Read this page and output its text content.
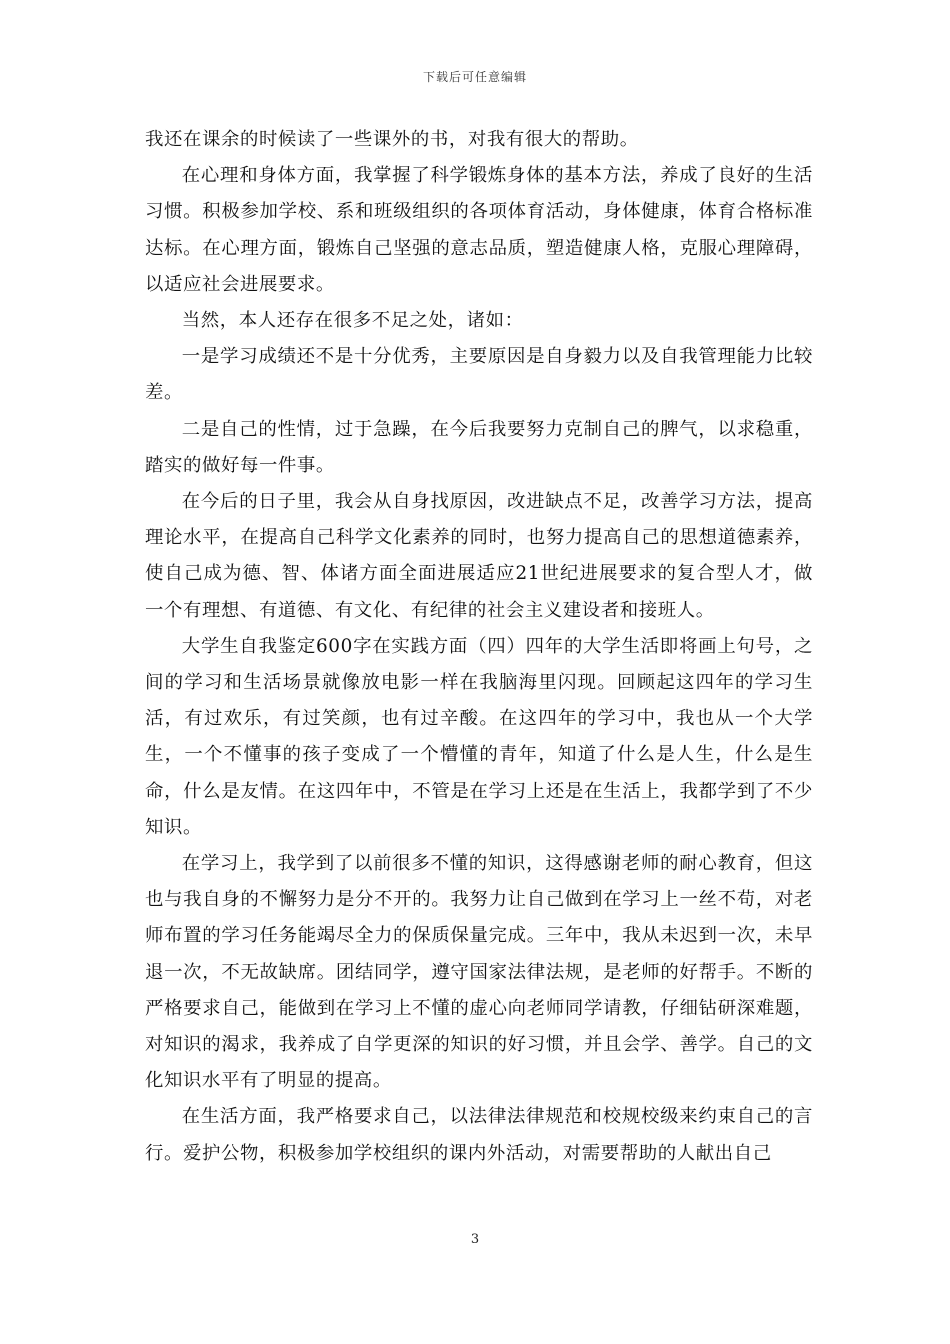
下载后可任意编辑

我还在课余的时候读了一些课外的书，对我有很大的帮助。

在心理和身体方面，我掌握了科学锻炼身体的基本方法，养成了良好的生活习惯。积极参加学校、系和班级组织的各项体育活动，身体健康，体育合格标准达标。在心理方面，锻炼自己坚强的意志品质，塑造健康人格，克服心理障碍，以适应社会进展要求。

当然，本人还存在很多不足之处，诸如：

一是学习成绩还不是十分优秀，主要原因是自身毅力以及自我管理能力比较差。

二是自己的性情，过于急躁，在今后我要努力克制自己的脾气，以求稳重，踏实的做好每一件事。

在今后的日子里，我会从自身找原因，改进缺点不足，改善学习方法，提高理论水平，在提高自己科学文化素养的同时，也努力提高自己的思想道德素养，使自己成为德、智、体诸方面全面进展适应21世纪进展要求的复合型人才，做一个有理想、有道德、有文化、有纪律的社会主义建设者和接班人。

大学生自我鉴定600字在实践方面（四）四年的大学生活即将画上句号，之间的学习和生活场景就像放电影一样在我脑海里闪现。回顾起这四年的学习生活，有过欢乐，有过笑颜，也有过辛酸。在这四年的学习中，我也从一个大学生，一个不懂事的孩子变成了一个懵懂的青年，知道了什么是人生，什么是生命，什么是友情。在这四年中，不管是在学习上还是在生活上，我都学到了不少知识。

在学习上，我学到了以前很多不懂的知识，这得感谢老师的耐心教育，但这也与我自身的不懈努力是分不开的。我努力让自己做到在学习上一丝不苟，对老师布置的学习任务能竭尽全力的保质保量完成。三年中，我从未迟到一次，未早退一次，不无故缺席。团结同学，遵守国家法律法规，是老师的好帮手。不断的严格要求自己，能做到在学习上不懂的虚心向老师同学请教，仔细钻研深难题，对知识的渴求，我养成了自学更深的知识的好习惯，并且会学、善学。自己的文化知识水平有了明显的提高。

在生活方面，我严格要求自己，以法律法律规范和校规校级来约束自己的言行。爱护公物，积极参加学校组织的课内外活动，对需要帮助的人献出自己

3
